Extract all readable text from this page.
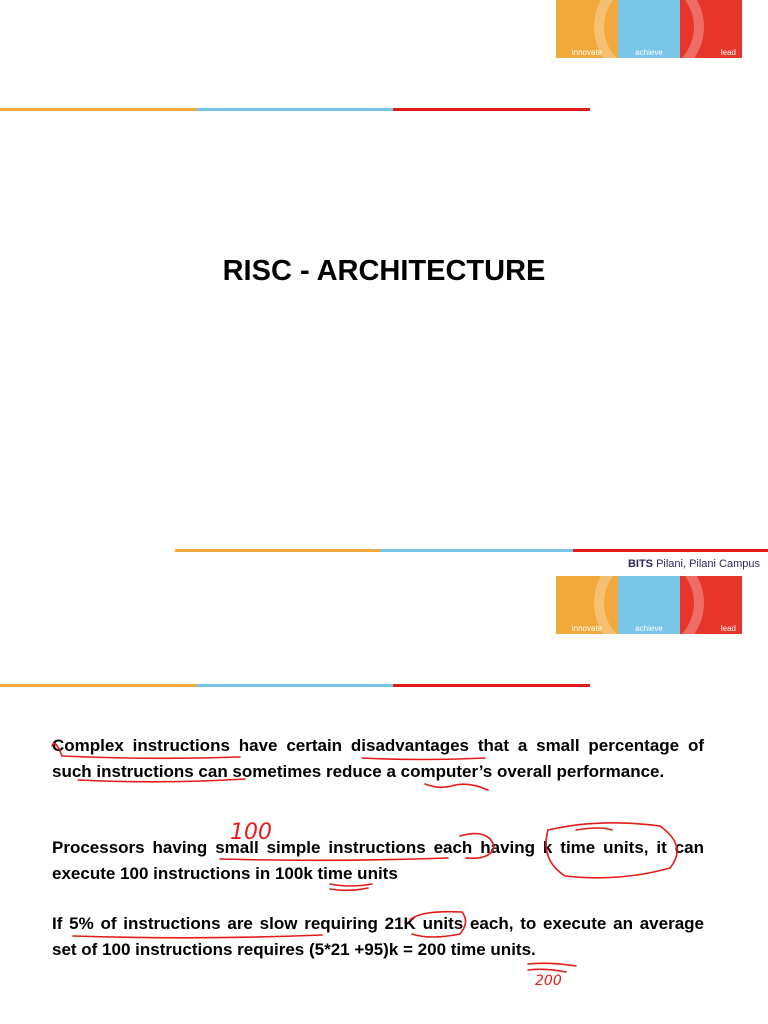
innovate	achieve	lead
RISC - ARCHITECTURE
BITS Pilani, Pilani Campus
innovate	achieve	lead

Complex instructions have certain disadvantages that a small percentage of such instructions can sometimes reduce a computer’s overall performance.

Processors having small simple instructions each having k time units, it can execute 100 instructions in 100k time units

If 5% of instructions are slow requiring 21K units each, to execute an average set of 100 instructions requires (5*21 +95)k = 200 time units.

100
200
